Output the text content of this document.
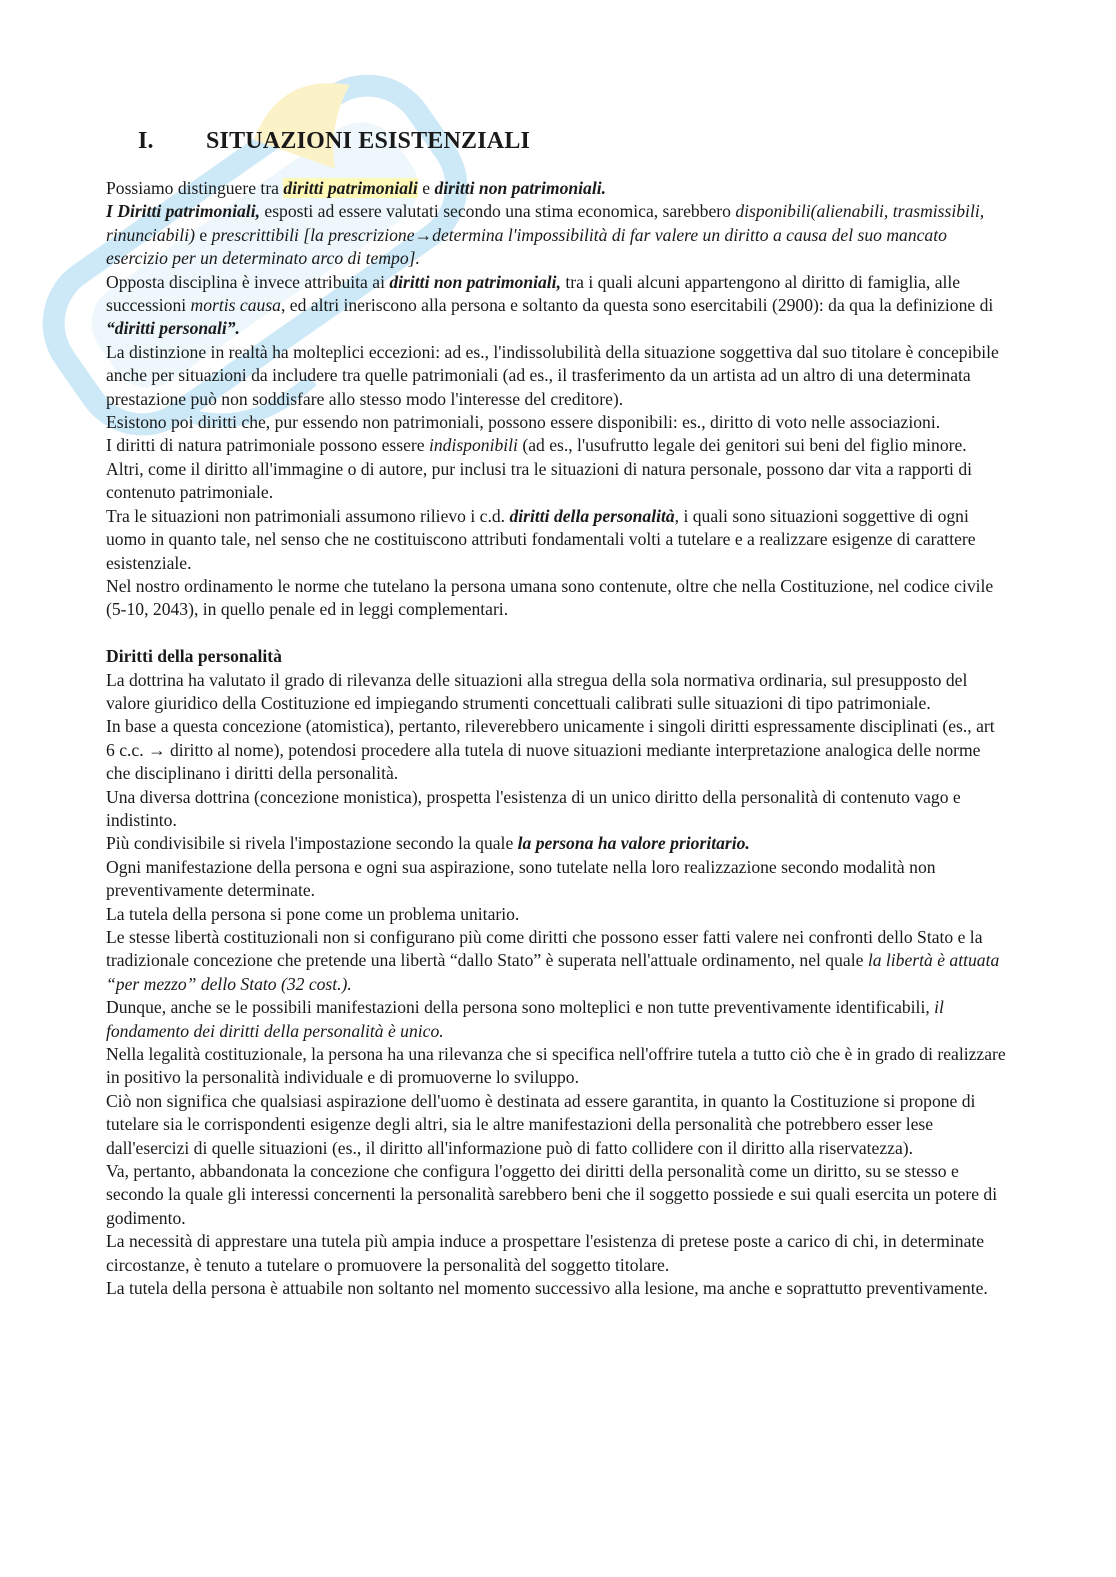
I. SITUAZIONI ESISTENZIALI

Possiamo distinguere tra diritti patrimoniali e diritti non patrimoniali.

I Diritti patrimoniali, esposti ad essere valutati secondo una stima economica, sarebbero disponibili(alienabili, trasmissibili, rinunciabili) e prescrittibili [la prescrizione→determina l'impossibilità di far valere un diritto a causa del suo mancato esercizio per un determinato arco di tempo].

Opposta disciplina è invece attribuita ai diritti non patrimoniali, tra i quali alcuni appartengono al diritto di famiglia, alle successioni mortis causa, ed altri ineriscono alla persona e soltanto da questa sono esercitabili (2900): da qua la definizione di “diritti personali”.

La distinzione in realtà ha molteplici eccezioni: ad es., l'indissolubilità della situazione soggettiva dal suo titolare è concepibile anche per situazioni da includere tra quelle patrimoniali (ad es., il trasferimento da un artista ad un altro di una determinata prestazione può non soddisfare allo stesso modo l'interesse del creditore).

Esistono poi diritti che, pur essendo non patrimoniali, possono essere disponibili: es., diritto di voto nelle associazioni.

I diritti di natura patrimoniale possono essere indisponibili (ad es., l'usufrutto legale dei genitori sui beni del figlio minore.

Altri, come il diritto all'immagine o di autore, pur inclusi tra le situazioni di natura personale, possono dar vita a rapporti di contenuto patrimoniale.

Tra le situazioni non patrimoniali assumono rilievo i c.d. diritti della personalità, i quali sono situazioni soggettive di ogni uomo in quanto tale, nel senso che ne costituiscono attributi fondamentali volti a tutelare e a realizzare esigenze di carattere esistenziale.

Nel nostro ordinamento le norme che tutelano la persona umana sono contenute, oltre che nella Costituzione, nel codice civile (5-10, 2043), in quello penale ed in leggi complementari.

Diritti della personalità

La dottrina ha valutato il grado di rilevanza delle situazioni alla stregua della sola normativa ordinaria, sul presupposto del valore giuridico della Costituzione ed impiegando strumenti concettuali calibrati sulle situazioni di tipo patrimoniale.

In base a questa concezione (atomistica), pertanto, rileverebbero unicamente i singoli diritti espressamente disciplinati (es., art 6 c.c. → diritto al nome), potendosi procedere alla tutela di nuove situazioni mediante interpretazione analogica delle norme che disciplinano i diritti della personalità.

Una diversa dottrina (concezione monistica), prospetta l'esistenza di un unico diritto della personalità di contenuto vago e indistinto.

Più condivisibile si rivela l'impostazione secondo la quale la persona ha valore prioritario.

Ogni manifestazione della persona e ogni sua aspirazione, sono tutelate nella loro realizzazione secondo modalità non preventivamente determinate.

La tutela della persona si pone come un problema unitario.

Le stesse libertà costituzionali non si configurano più come diritti che possono esser fatti valere nei confronti dello Stato e la tradizionale concezione che pretende una libertà “dallo Stato” è superata nell'attuale ordinamento, nel quale la libertà è attuata “per mezzo” dello Stato (32 cost.).

Dunque, anche se le possibili manifestazioni della persona sono molteplici e non tutte preventivamente identificabili, il fondamento dei diritti della personalità è unico.

Nella legalità costituzionale, la persona ha una rilevanza che si specifica nell'offrire tutela a tutto ciò che è in grado di realizzare in positivo la personalità individuale e di promuoverne lo sviluppo.

Ciò non significa che qualsiasi aspirazione dell'uomo è destinata ad essere garantita, in quanto la Costituzione si propone di tutelare sia le corrispondenti esigenze degli altri, sia le altre manifestazioni della personalità che potrebbero esser lese dall'esercizi di quelle situazioni (es., il diritto all'informazione può di fatto collidere con il diritto alla riservatezza).

Va, pertanto, abbandonata la concezione che configura l'oggetto dei diritti della personalità come un diritto, su se stesso e secondo la quale gli interessi concernenti la personalità sarebbero beni che il soggetto possiede e sui quali esercita un potere di godimento.

La necessità di apprestare una tutela più ampia induce a prospettare l'esistenza di pretese poste a carico di chi, in determinate circostanze, è tenuto a tutelare o promuovere la personalità del soggetto titolare.

La tutela della persona è attuabile non soltanto nel momento successivo alla lesione, ma anche e soprattutto preventivamente.
